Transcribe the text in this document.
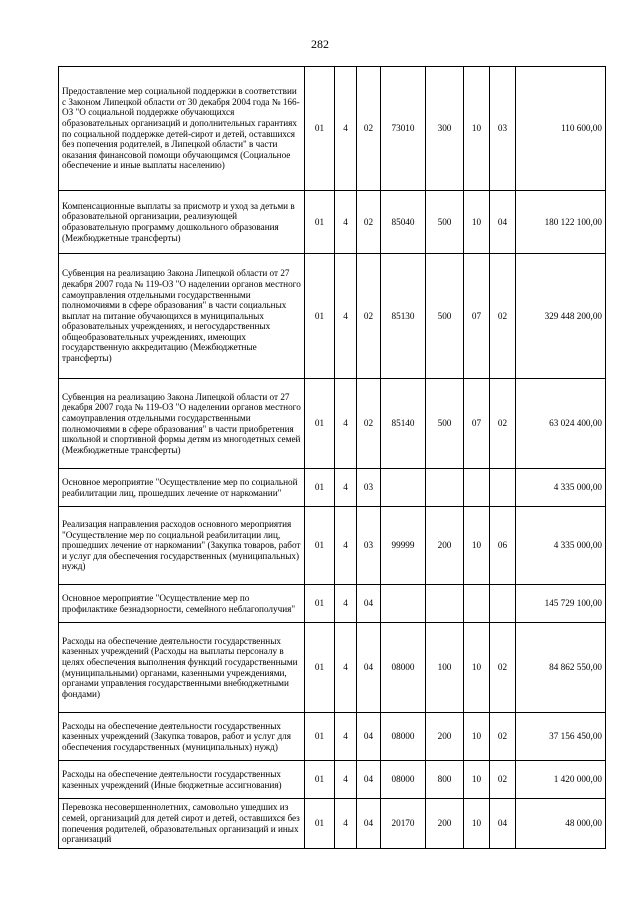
282
Предоставление мер социальной поддержки в соответствии с Законом Липецкой области от 30 декабря 2004 года № 166-ОЗ "О социальной поддержке обучающихся образовательных организаций и дополнительных гарантиях по социальной поддержке детей-сирот и детей, оставшихся без попечения родителей, в Липецкой области" в части оказания финансовой помощи обучающимся (Социальное обеспечение и иные выплаты населению)	01	4	02	73010	300	10	03	110 600,00
Компенсационные выплаты за присмотр и уход за детьми в образовательной организации, реализующей образовательную программу дошкольного образования (Межбюджетные трансферты)	01	4	02	85040	500	10	04	180 122 100,00
Субвенция на реализацию Закона Липецкой области от 27 декабря 2007 года № 119-ОЗ "О наделении органов местного самоуправления отдельными государственными полномочиями в сфере образования" в части социальных выплат на питание обучающихся в муниципальных образовательных учреждениях, и негосударственных общеобразовательных учреждениях, имеющих государственную аккредитацию (Межбюджетные трансферты)	01	4	02	85130	500	07	02	329 448 200,00
Субвенция на реализацию Закона Липецкой области от 27 декабря 2007 года № 119-ОЗ "О наделении органов местного самоуправления отдельными государственными полномочиями в сфере образования" в части приобретения школьной и спортивной формы детям из многодетных семей (Межбюджетные трансферты)	01	4	02	85140	500	07	02	63 024 400,00
Основное мероприятие "Осуществление мер по социальной реабилитации лиц, прошедших лечение от наркомании"	01	4	03					4 335 000,00
Реализация направления расходов основного мероприятия "Осуществление мер по социальной реабилитации лиц, прошедших лечение от наркомании" (Закупка товаров, работ и услуг для обеспечения государственных (муниципальных) нужд)	01	4	03	99999	200	10	06	4 335 000,00
Основное мероприятие "Осуществление мер по профилактике безнадзорности, семейного неблагополучия"	01	4	04					145 729 100,00
Расходы на обеспечение деятельности государственных казенных учреждений (Расходы на выплаты персоналу в целях обеспечения выполнения функций государственными (муниципальными) органами, казенными учреждениями, органами управления государственными внебюджетными фондами)	01	4	04	08000	100	10	02	84 862 550,00
Расходы на обеспечение деятельности государственных казенных учреждений (Закупка товаров, работ и услуг для обеспечения государственных (муниципальных) нужд)	01	4	04	08000	200	10	02	37 156 450,00
Расходы на обеспечение деятельности государственных казенных учреждений (Иные бюджетные ассигнования)	01	4	04	08000	800	10	02	1 420 000,00
Перевозка несовершеннолетних, самовольно ушедших из семей, организаций для детей сирот и детей, оставшихся без попечения родителей, образовательных организаций и иных организаций	01	4	04	20170	200	10	04	48 000,00
